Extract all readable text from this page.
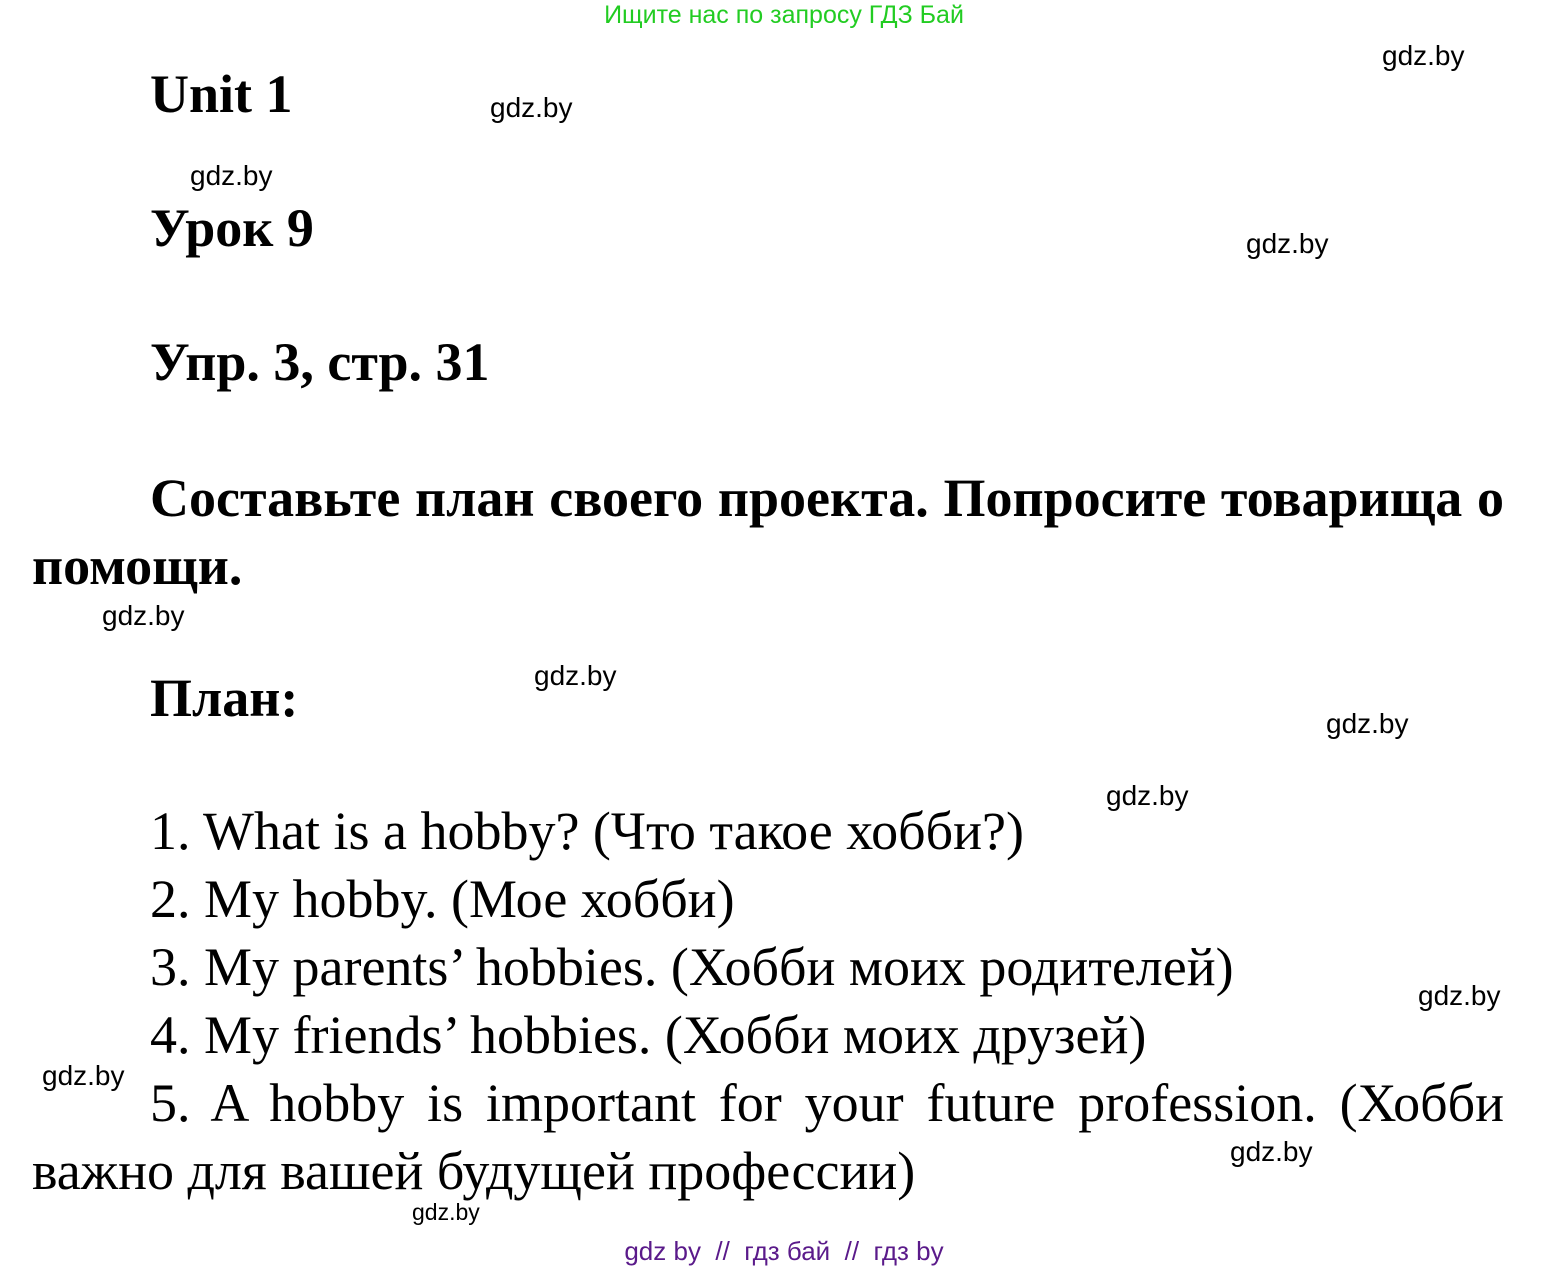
Ищите нас по запросу ГДЗ Бай
Unit 1
Урок 9
Упр. 3, стр. 31
Составьте план своего проекта. Попросите товарища о помощи.
План:
1. What is a hobby? (Что такое хобби?)
2. My hobby. (Мое хобби)
3. My parents’ hobbies. (Хобби моих родителей)
4. My friends’ hobbies. (Хобби моих друзей)
5. A hobby is important for your future profession. (Хобби важно для вашей будущей профессии)
gdz.by
gdz.by
gdz.by
gdz.by
gdz.by
gdz.by
gdz.by
gdz.by
gdz.by
gdz.by
gdz.by
gdz.by
gdz by  //  гдз бай  //  гдз by
